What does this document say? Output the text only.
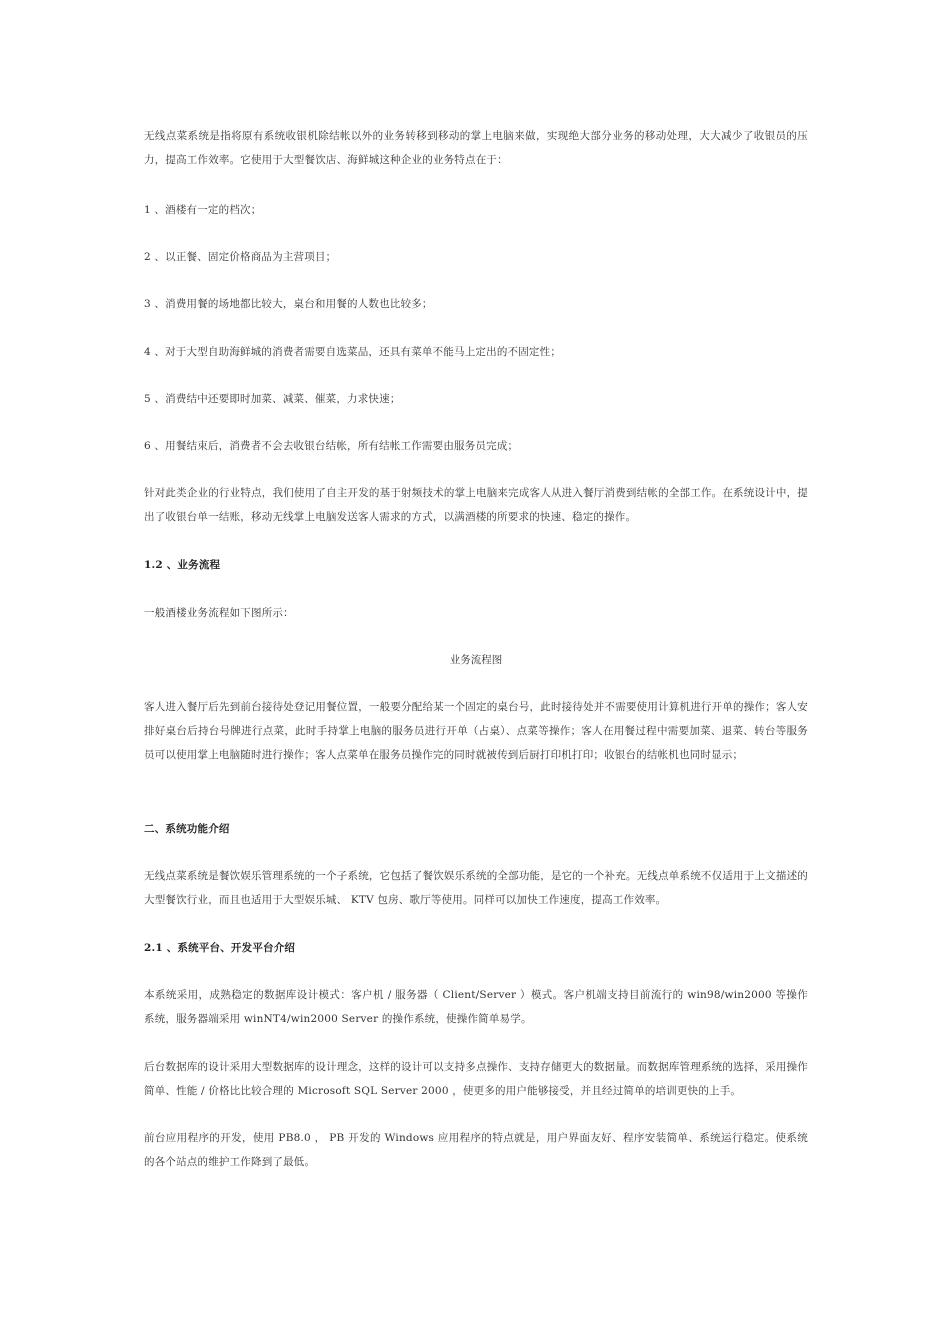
无线点菜系统是指将原有系统收银机除结帐以外的业务转移到移动的掌上电脑来做，实现绝大部分业务的移动处理，大大减少了收银员的压力，提高工作效率。它使用于大型餐饮店、海鲜城这种企业的业务特点在于：

1 、酒楼有一定的档次；

2 、以正餐、固定价格商品为主营项目；

3 、消费用餐的场地都比较大，桌台和用餐的人数也比较多；

4 、对于大型自助海鲜城的消费者需要自选菜品，还具有菜单不能马上定出的不固定性；

5 、消费结中还要即时加菜、减菜、催菜，力求快速；

6 、用餐结束后，消费者不会去收银台结帐，所有结帐工作需要由服务员完成；

针对此类企业的行业特点，我们使用了自主开发的基于射频技术的掌上电脑来完成客人从进入餐厅消费到结帐的全部工作。在系统设计中，提出了收银台单一结账，移动无线掌上电脑发送客人需求的方式，以满酒楼的所要求的快速、稳定的操作。

1.2 、业务流程

一般酒楼业务流程如下图所示：

业务流程图

客人进入餐厅后先到前台接待处登记用餐位置，一般要分配给某一个固定的桌台号，此时接待处并不需要使用计算机进行开单的操作；客人安排好桌台后持台号牌进行点菜，此时手持掌上电脑的服务员进行开单（占桌）、点菜等操作；客人在用餐过程中需要加菜、退菜、转台等服务员可以使用掌上电脑随时进行操作；客人点菜单在服务员操作完的同时就被传到后厨打印机打印；收银台的结帐机也同时显示；

二、系统功能介绍

无线点菜系统是餐饮娱乐管理系统的一个子系统，它包括了餐饮娱乐系统的全部功能，是它的一个补充。无线点单系统不仅适用于上文描述的大型餐饮行业，而且也适用于大型娱乐城、 KTV 包房、歌厅等使用。同样可以加快工作速度，提高工作效率。

2.1 、系统平台、开发平台介绍

本系统采用，成熟稳定的数据库设计模式：客户机 / 服务器（ Client/Server ）模式。客户机端支持目前流行的 win98/win2000 等操作系统，服务器端采用 winNT4/win2000 Server 的操作系统，使操作简单易学。

后台数据库的设计采用大型数据库的设计理念，这样的设计可以支持多点操作、支持存储更大的数据量。而数据库管理系统的选择，采用操作简单、性能 / 价格比比较合理的 Microsoft SQL Server 2000 ，使更多的用户能够接受，并且经过简单的培训更快的上手。

前台应用程序的开发，使用 PB8.0 ， PB 开发的 Windows 应用程序的特点就是，用户界面友好、程序安装简单、系统运行稳定。使系统的各个站点的维护工作降到了最低。
